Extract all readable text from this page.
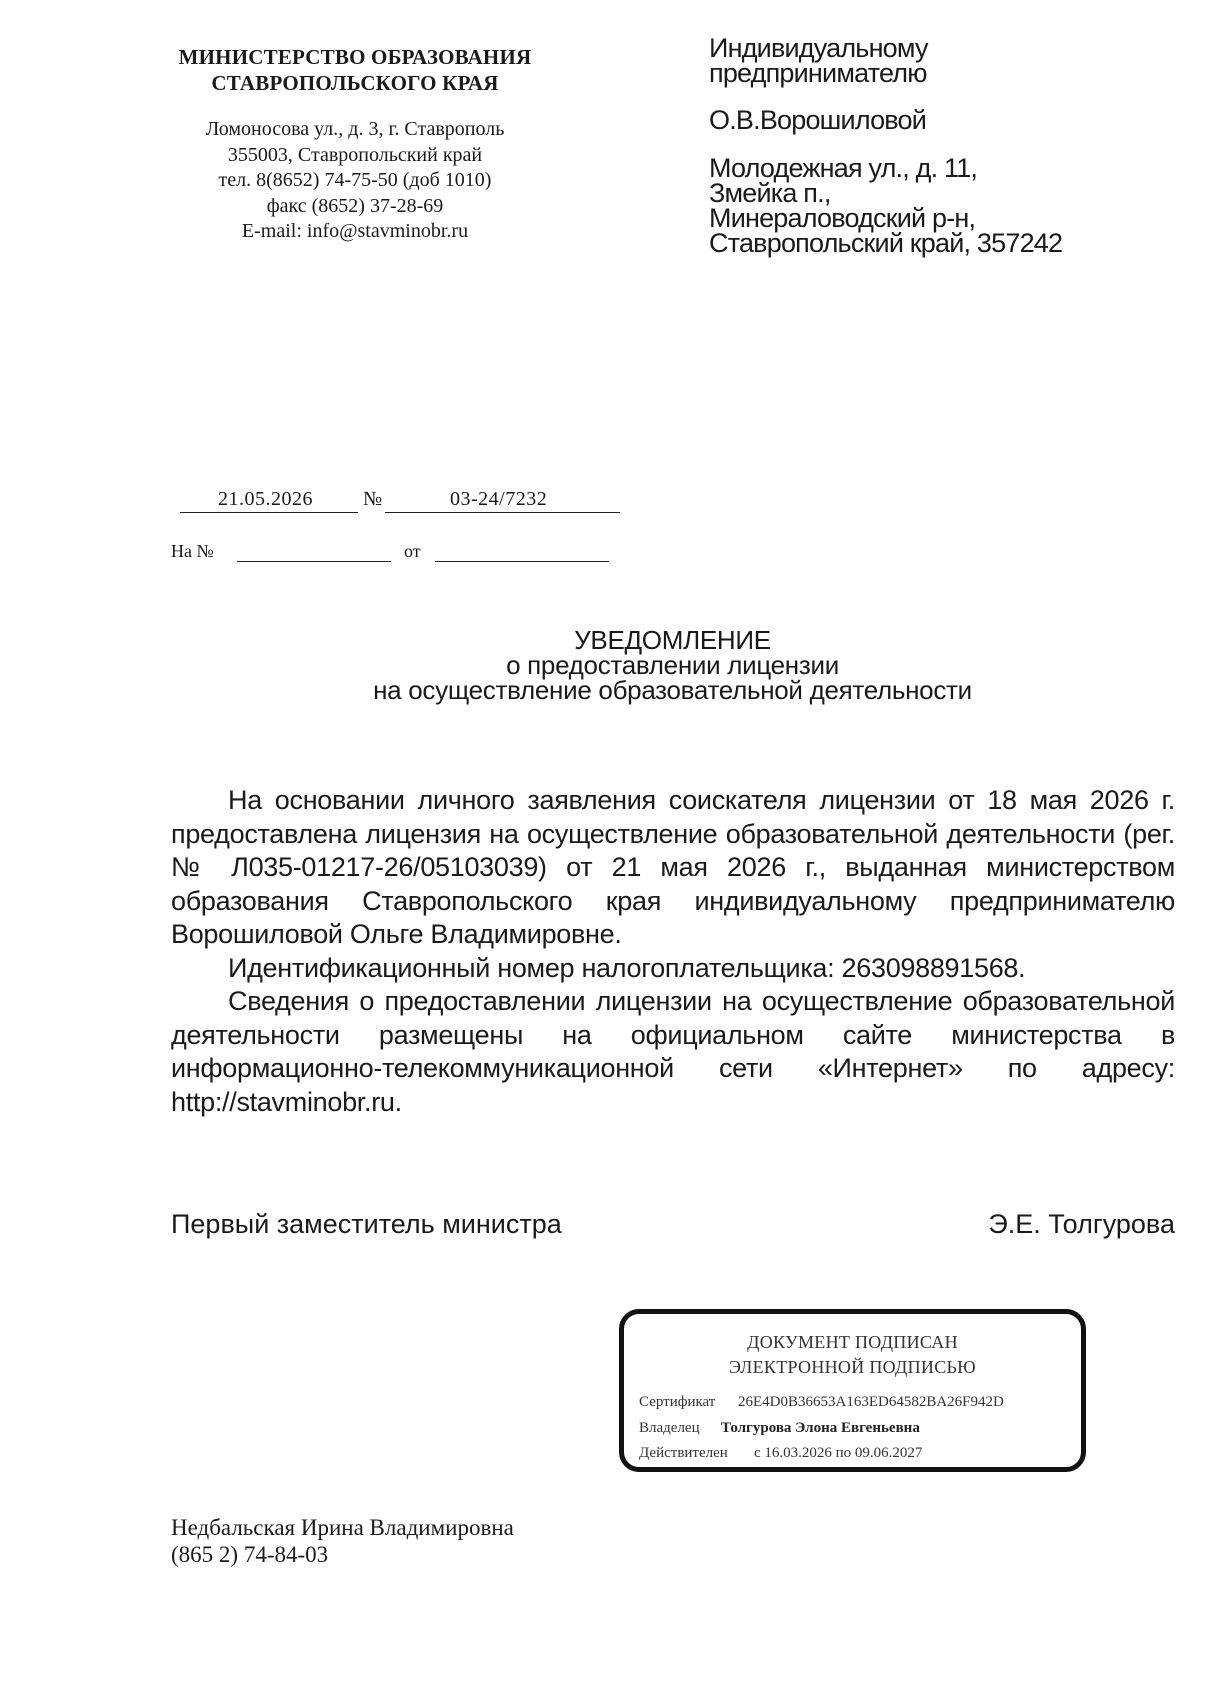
МИНИСТЕРСТВО ОБРАЗОВАНИЯ
СТАВРОПОЛЬСКОГО КРАЯ
Ломоносова ул., д. 3, г. Ставрополь
355003, Ставропольский край
тел. 8(8652) 74-75-50 (доб 1010)
факс (8652) 37-28-69
E-mail: info@stavminobr.ru
Индивидуальному
предпринимателю
О.В.Ворошиловой
Молодежная ул., д. 11,
Змейка п.,
Минераловодский р-н,
Ставропольский край, 357242
21.05.2026	№	03-24/7232
На №	от
УВЕДОМЛЕНИЕ
о предоставлении лицензии
на осуществление образовательной деятельности

На основании личного заявления соискателя лицензии от 18 мая 2026 г. предоставлена лицензия на осуществление образовательной деятельности (рег. № Л035-01217-26/05103039) от 21 мая 2026 г., выданная министерством образования Ставропольского края индивидуальному предпринимателю Ворошиловой Ольге Владимировне.

Идентификационный номер налогоплательщика: 263098891568.

Сведения о предоставлении лицензии на осуществление образовательной деятельности размещены на официальном сайте министерства в информационно-телекоммуникационной сети «Интернет» по адресу: http://stavminobr.ru.

Первый заместитель министра	Э.Е. Толгурова
ДОКУМЕНТ ПОДПИСАН
ЭЛЕКТРОННОЙ ПОДПИСЬЮ
Сертификат 26E4D0B36653A163ED64582BA26F942D
Владелец Толгурова Элона Евгеньевна
Действителен с 16.03.2026 по 09.06.2027
Недбальская Ирина Владимировна
(865 2) 74-84-03
